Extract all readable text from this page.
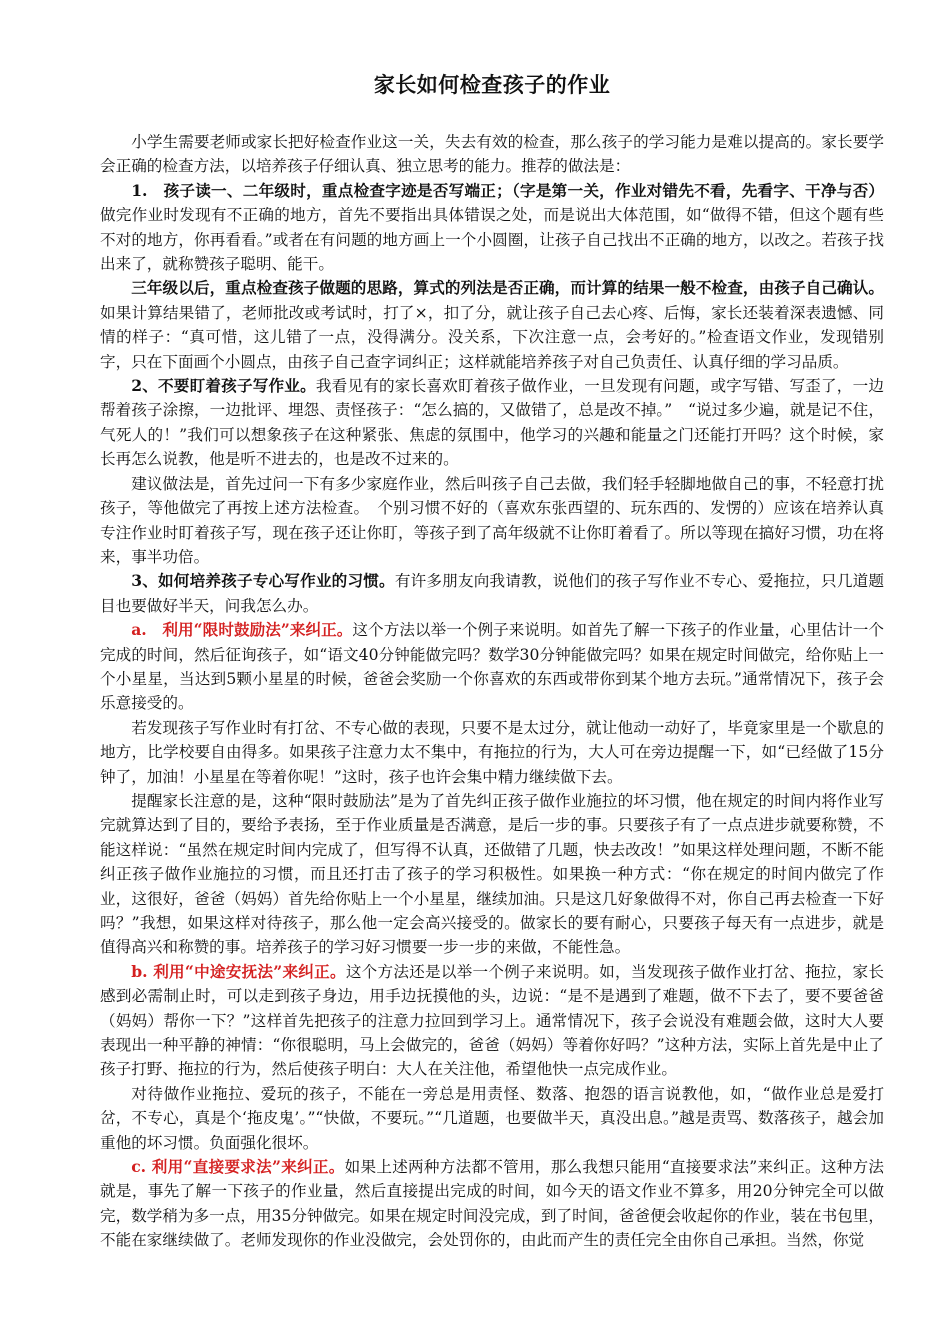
家长如何检查孩子的作业

小学生需要老师或家长把好检查作业这一关，失去有效的检查，那么孩子的学习能力是难以提高的。家长要学会正确的检查方法，以培养孩子仔细认真、独立思考的能力。推荐的做法是：

1.　孩子读一、二年级时，重点检查字迹是否写端正；（字是第一关，作业对错先不看，先看字、干净与否）做完作业时发现有不正确的地方，首先不要指出具体错误之处，而是说出大体范围，如“做得不错，但这个题有些不对的地方，你再看看。”或者在有问题的地方画上一个小圆圈，让孩子自己找出不正确的地方，以改之。若孩子找出来了，就称赞孩子聪明、能干。

三年级以后，重点检查孩子做题的思路，算式的列法是否正确，而计算的结果一般不检查，由孩子自己确认。如果计算结果错了，老师批改或考试时，打了×，扣了分，就让孩子自己去心疼、后悔，家长还装着深表遗憾、同情的样子：“真可惜，这儿错了一点，没得满分。没关系，下次注意一点，会考好的。”检查语文作业，发现错别字，只在下面画个小圆点，由孩子自己查字词纠正；这样就能培养孩子对自己负责任、认真仔细的学习品质。

2、不要盯着孩子写作业。我看见有的家长喜欢盯着孩子做作业，一旦发现有问题，或字写错、写歪了，一边帮着孩子涂擦，一边批评、埋怨、责怪孩子：“怎么搞的，又做错了，总是改不掉。”　“说过多少遍，就是记不住，气死人的！”我们可以想象孩子在这种紧张、焦虑的氛围中，他学习的兴趣和能量之门还能打开吗？这个时候，家长再怎么说教，他是听不进去的，也是改不过来的。

建议做法是，首先过问一下有多少家庭作业，然后叫孩子自己去做，我们轻手轻脚地做自己的事，不轻意打扰孩子，等他做完了再按上述方法检查。　个别习惯不好的（喜欢东张西望的、玩东西的、发愣的）应该在培养认真专注作业时盯着孩子写，现在孩子还让你盯，等孩子到了高年级就不让你盯着看了。所以等现在搞好习惯，功在将来，事半功倍。

3、如何培养孩子专心写作业的习惯。有许多朋友向我请教，说他们的孩子写作业不专心、爱拖拉，只几道题目也要做好半天，问我怎么办。

a.　利用“限时鼓励法”来纠正。这个方法以举一个例子来说明。如首先了解一下孩子的作业量，心里估计一个完成的时间，然后征询孩子，如“语文40分钟能做完吗？数学30分钟能做完吗？如果在规定时间做完，给你贴上一个小星星，当达到5颗小星星的时候，爸爸会奖励一个你喜欢的东西或带你到某个地方去玩。”通常情况下，孩子会乐意接受的。

若发现孩子写作业时有打岔、不专心做的表现，只要不是太过分，就让他动一动好了，毕竟家里是一个歇息的地方，比学校要自由得多。如果孩子注意力太不集中，有拖拉的行为，大人可在旁边提醒一下，如“已经做了15分钟了，加油！小星星在等着你呢！”这时，孩子也许会集中精力继续做下去。

提醒家长注意的是，这种“限时鼓励法”是为了首先纠正孩子做作业施拉的坏习惯，他在规定的时间内将作业写完就算达到了目的，要给予表扬，至于作业质量是否满意，是后一步的事。只要孩子有了一点点进步就要称赞，不能这样说：“虽然在规定时间内完成了，但写得不认真，还做错了几题，快去改改！”如果这样处理问题，不断不能纠正孩子做作业施拉的习惯，而且还打击了孩子的学习积极性。如果换一种方式：“你在规定的时间内做完了作业，这很好，爸爸（妈妈）首先给你贴上一个小星星，继续加油。只是这几好象做得不对，你自己再去检查一下好吗？”我想，如果这样对待孩子，那么他一定会高兴接受的。做家长的要有耐心，只要孩子每天有一点进步，就是值得高兴和称赞的事。培养孩子的学习好习惯要一步一步的来做，不能性急。

b. 利用“中途安抚法”来纠正。这个方法还是以举一个例子来说明。如，当发现孩子做作业打岔、拖拉，家长感到必需制止时，可以走到孩子身边，用手边抚摸他的头，边说：“是不是遇到了难题，做不下去了，要不要爸爸（妈妈）帮你一下？”这样首先把孩子的注意力拉回到学习上。通常情况下，孩子会说没有难题会做，这时大人要表现出一种平静的神情：“你很聪明，马上会做完的，爸爸（妈妈）等着你好吗？”这种方法，实际上首先是中止了孩子打野、拖拉的行为，然后使孩子明白：大人在关注他，希望他快一点完成作业。

对待做作业拖拉、爱玩的孩子，不能在一旁总是用责怪、数落、抱怨的语言说教他，如，“做作业总是爱打岔，不专心，真是个‘拖皮鬼’。”“快做，不要玩。”“几道题，也要做半天，真没出息。”越是责骂、数落孩子，越会加重他的坏习惯。负面强化很坏。

c. 利用“直接要求法”来纠正。如果上述两种方法都不管用，那么我想只能用“直接要求法”来纠正。这种方法就是，事先了解一下孩子的作业量，然后直接提出完成的时间，如今天的语文作业不算多，用20分钟完全可以做完，数学稍为多一点，用35分钟做完。如果在规定时间没完成，到了时间，爸爸便会收起你的作业，装在书包里，不能在家继续做了。老师发现你的作业没做完，会处罚你的，由此而产生的责任完全由你自己承担。当然，你觉
